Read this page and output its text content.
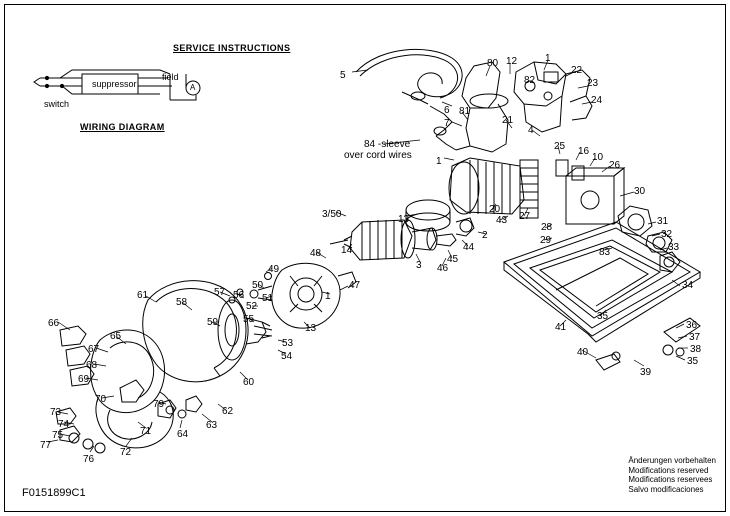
SERVICE INSTRUCTIONS
WIRING DIAGRAM
suppressor
field
switch
A
84 -sleeve
over cord wires
3/50
5
6
80 12	1
22
82	23
24
81
7	21
4
25 16
10
26
1
30
13
20
43 27
28
31
32
29
83	33
2
44
14
48
45
46
3
34
49
50
57 56 51	1
47
52
61
58
59 55
13	41
35
66
65
67
53
54
36
37
38
68
69	60
40
35
39
70	79
62
63
73
74
75	71	64
77
72
76
F0151899C1
Änderungen vorbehalten
Modifications reserved
Modifications reservees
Salvo modificaciones
